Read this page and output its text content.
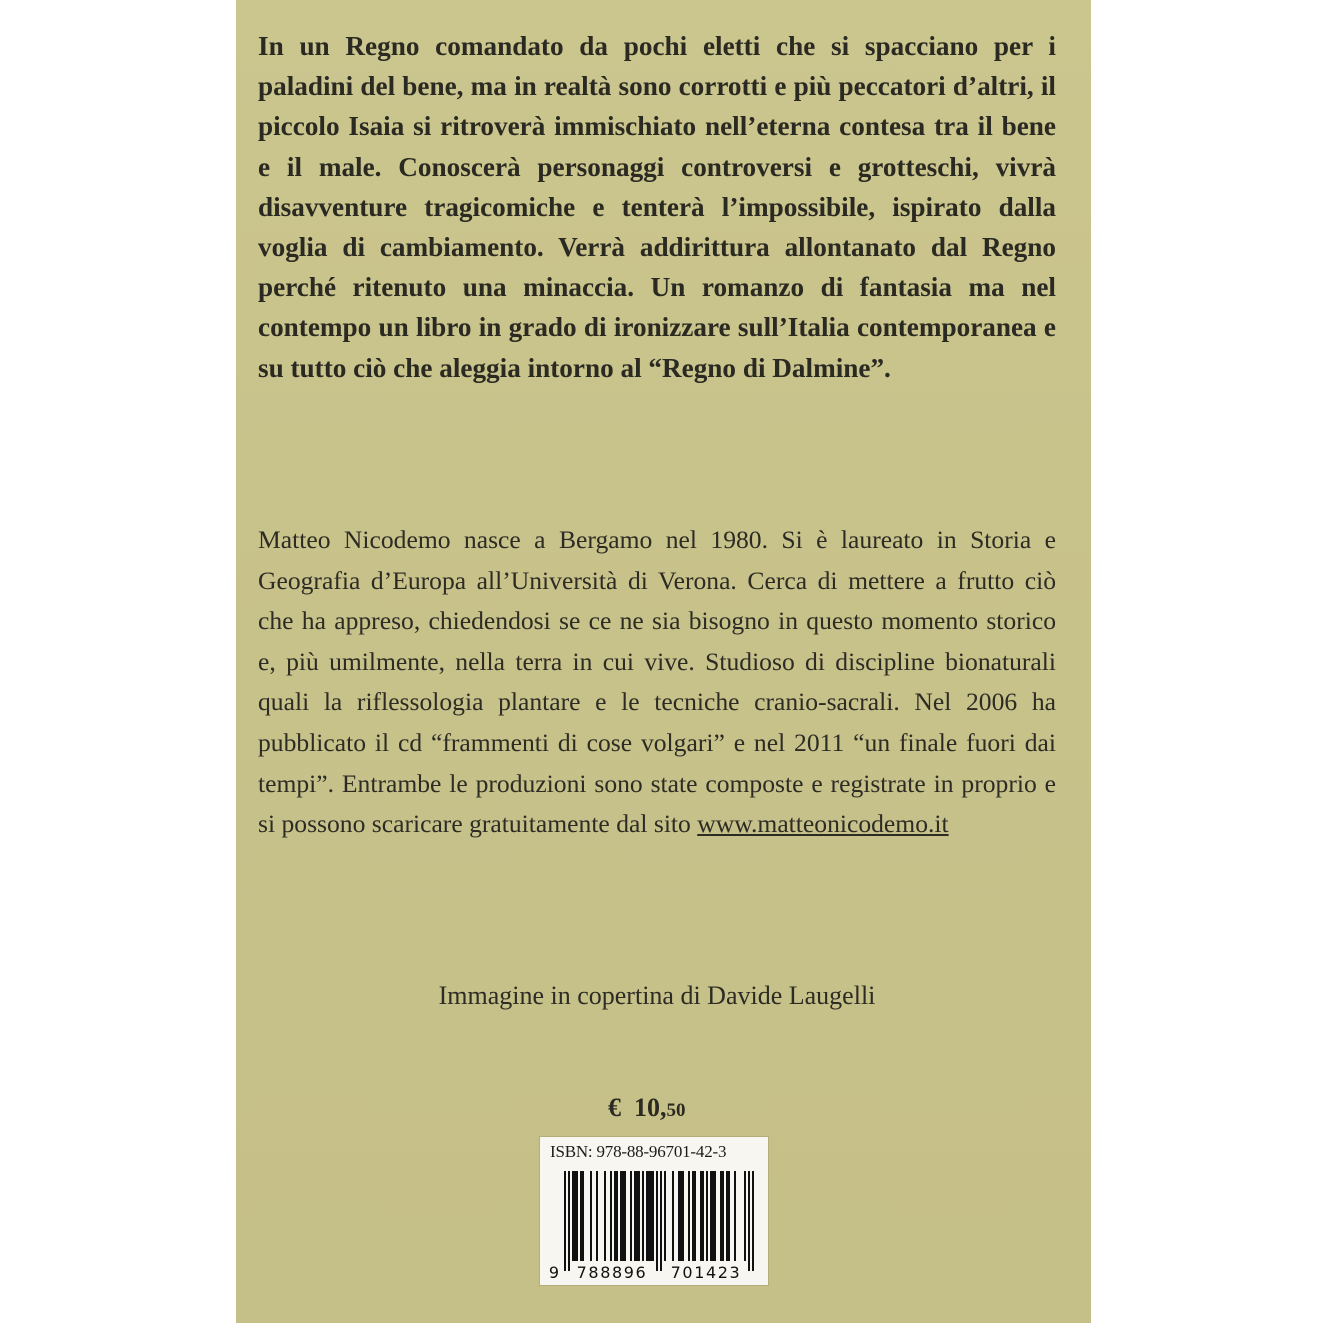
In un Regno comandato da pochi eletti che si spacciano per i paladini del bene, ma in realtà sono corrotti e più peccatori d’altri, il piccolo Isaia si ritroverà immischiato nell’eterna contesa tra il bene e il male. Conoscerà personaggi controversi e grotteschi, vivrà disavventure tragicomiche e tenterà l’impossibile, ispirato dalla voglia di cambiamento. Verrà addirittura allontanato dal Regno perché ritenuto una minaccia. Un romanzo di fantasia ma nel contempo un libro in grado di ironizzare sull’Italia contemporanea e su tutto ciò che aleggia intorno al “Regno di Dalmine”.

Matteo Nicodemo nasce a Bergamo nel 1980. Si è laureato in Storia e Geografia d’Europa all’Università di Verona. Cerca di mettere a frutto ciò che ha appreso, chiedendosi se ce ne sia bisogno in questo momento storico e, più umilmente, nella terra in cui vive. Studioso di discipline bionaturali quali la riflessologia plantare e le tecniche cranio-sacrali. Nel 2006 ha pubblicato il cd “frammenti di cose volgari” e nel 2011 “un finale fuori dai tempi”. Entrambe le produzioni sono state composte e registrate in proprio e si possono scaricare gratuitamente dal sito www.matteonicodemo.it

Immagine in copertina di Davide Laugelli

€ 10,50
ISBN: 978-88-96701-42-3
9 788896 701423
